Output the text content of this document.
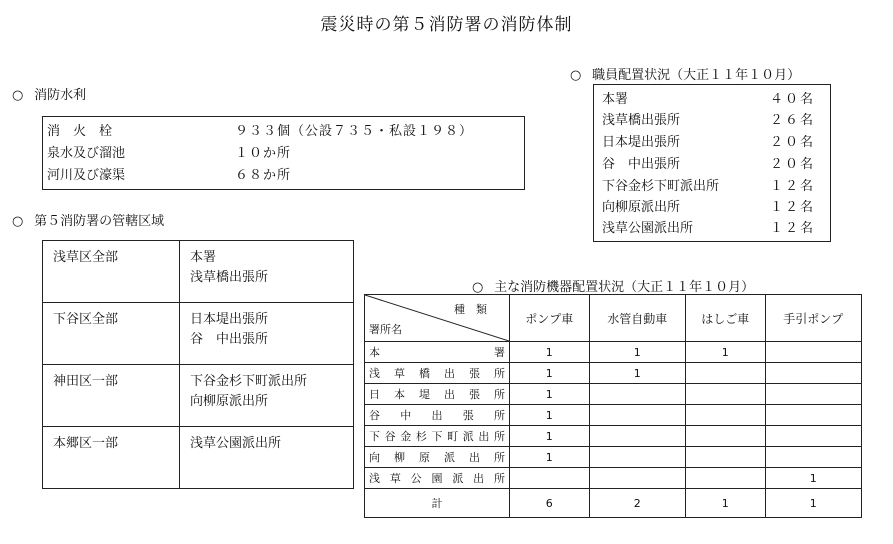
震災時の第５消防署の消防体制
○ 消防水利
消　火　栓	９３３個（公設７３５・私設１９８）
泉水及び溜池	１０か所
河川及び濠渠	６８か所
○ 職員配置状況（大正１１年１０月）
本署	４０名
浅草橋出張所	２６名
日本堤出張所	２０名
谷　中出張所	２０名
下谷金杉下町派出所	１２名
向柳原派出所	１２名
浅草公園派出所	１２名
○ 第５消防署の管轄区域
浅草区全部	本署
浅草橋出張所

下谷区全部	日本堤出張所
谷　中出張所

神田区一部	下谷金杉下町派出所
向柳原派出所

本郷区一部	浅草公園派出所
○ 主な消防機器配置状況（大正１１年１０月）
種　類
署所名	ポンプ車	水管自動車	はしご車	手引ポンプ
本署	1	1	1	
浅草橋出張所	1	1		
日本堤出張所	1			
谷中出張所	1			
下谷金杉下町派出所	1			
向柳原派出所	1			
浅草公園派出所				1
計	6	2	1	1
